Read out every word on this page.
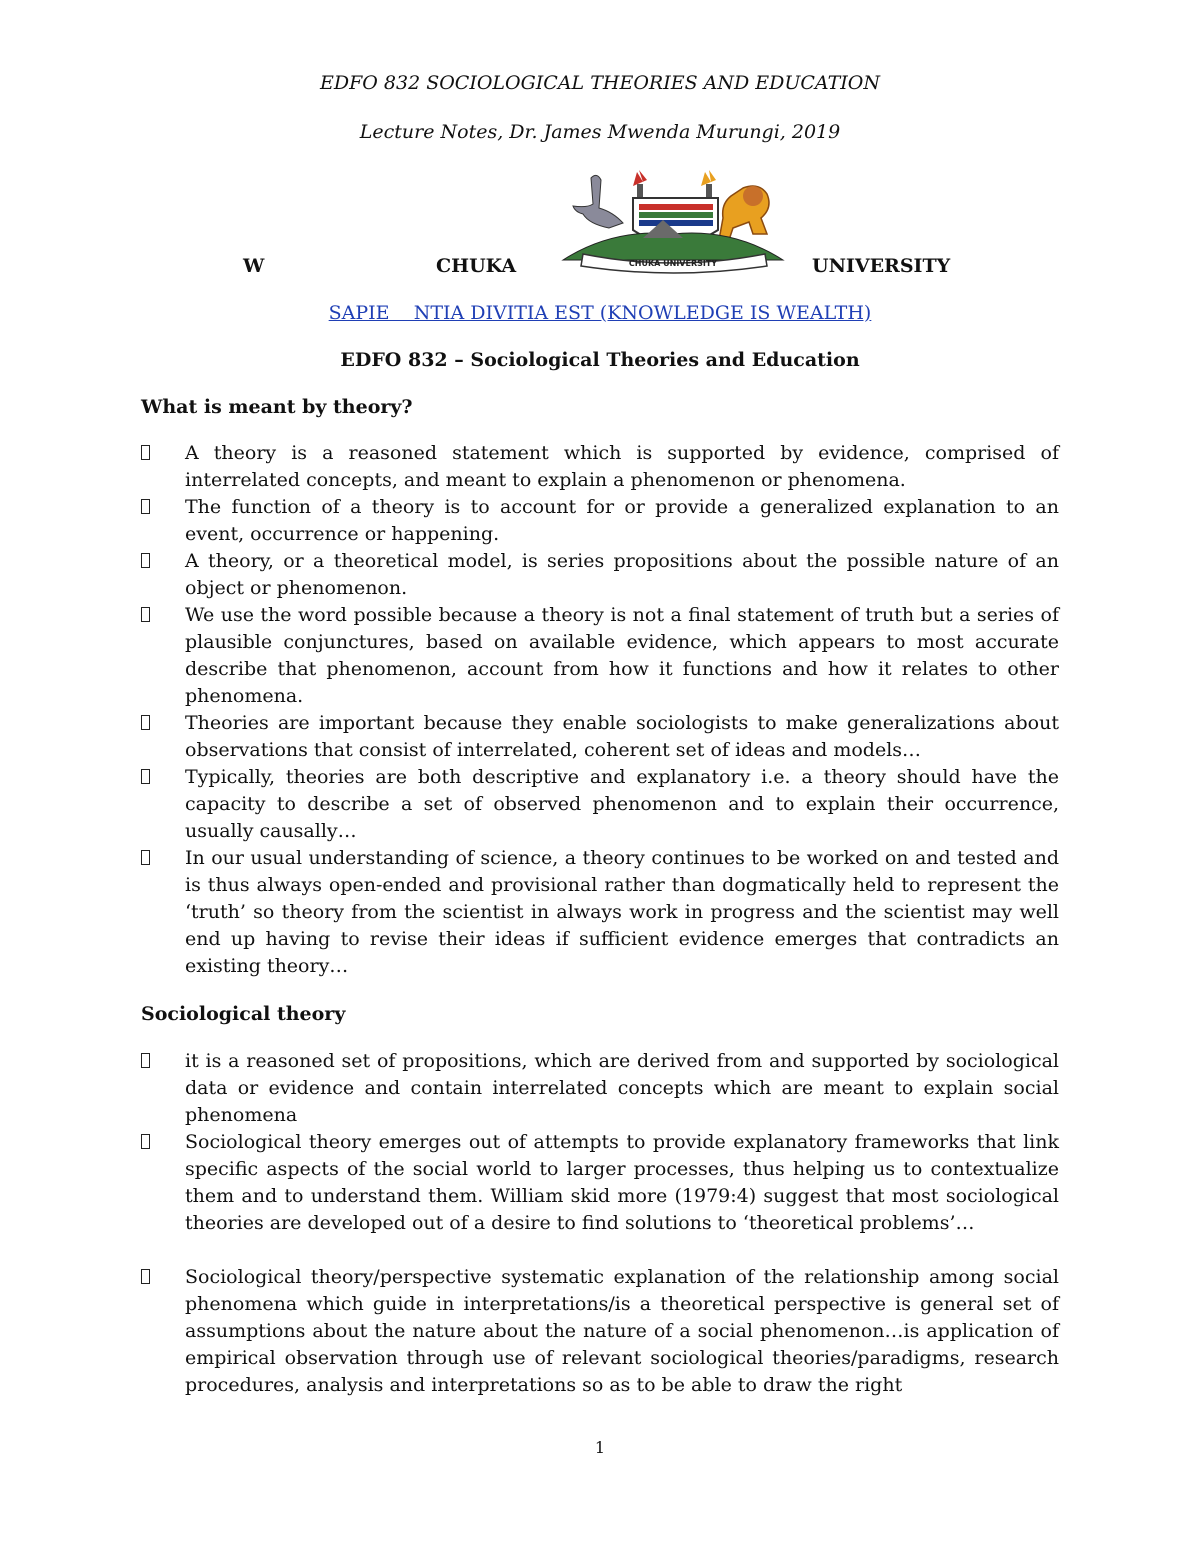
EDFO 832 SOCIOLOGICAL THEORIES AND EDUCATION
Lecture Notes, Dr. James Mwenda Murungi, 2019
CHUKA UNIVERSITY
W	CHUKA	UNIVERSITY
SAPIE    NTIA DIVITIA EST (KNOWLEDGE IS WEALTH)
EDFO 832 – Sociological Theories and Education
What is meant by theory?
A theory is a reasoned statement which is supported by evidence, comprised of interrelated concepts, and meant to explain a phenomenon or phenomena.
The function of a theory is to account for or provide a generalized explanation to an event, occurrence or happening.
A theory, or a theoretical model, is series propositions about the possible nature of an object or phenomenon.
We use the word possible because a theory is not a final statement of truth but a series of plausible conjunctures, based on available evidence, which appears to most accurate describe that phenomenon, account from how it functions and how it relates to other phenomena.
Theories are important because they enable sociologists to make generalizations about observations that consist of interrelated, coherent set of ideas and models…
Typically, theories are both descriptive and explanatory i.e. a theory should have the capacity to describe a set of observed phenomenon and to explain their occurrence, usually causally…
In our usual understanding of science, a theory continues to be worked on and tested and is thus always open-ended and provisional rather than dogmatically held to represent the ‘truth’ so theory from the scientist in always work in progress and the scientist may well end up having to revise their ideas if sufficient evidence emerges that contradicts an existing theory…
Sociological theory
it is a reasoned set of propositions, which are derived from and supported by sociological data or evidence and contain interrelated concepts which are meant to explain social phenomena
Sociological theory emerges out of attempts to provide explanatory frameworks that link specific aspects of the social world to larger processes, thus helping us to contextualize them and to understand them. William skid more (1979:4) suggest that most sociological theories are developed out of a desire to find solutions to ‘theoretical problems’…
Sociological theory/perspective systematic explanation of the relationship among social phenomena which guide in interpretations/is a theoretical perspective is general set of assumptions about the nature about the nature of a social phenomenon…is application of empirical observation through use of relevant sociological theories/paradigms, research procedures, analysis and interpretations so as to be able to draw the right
1
